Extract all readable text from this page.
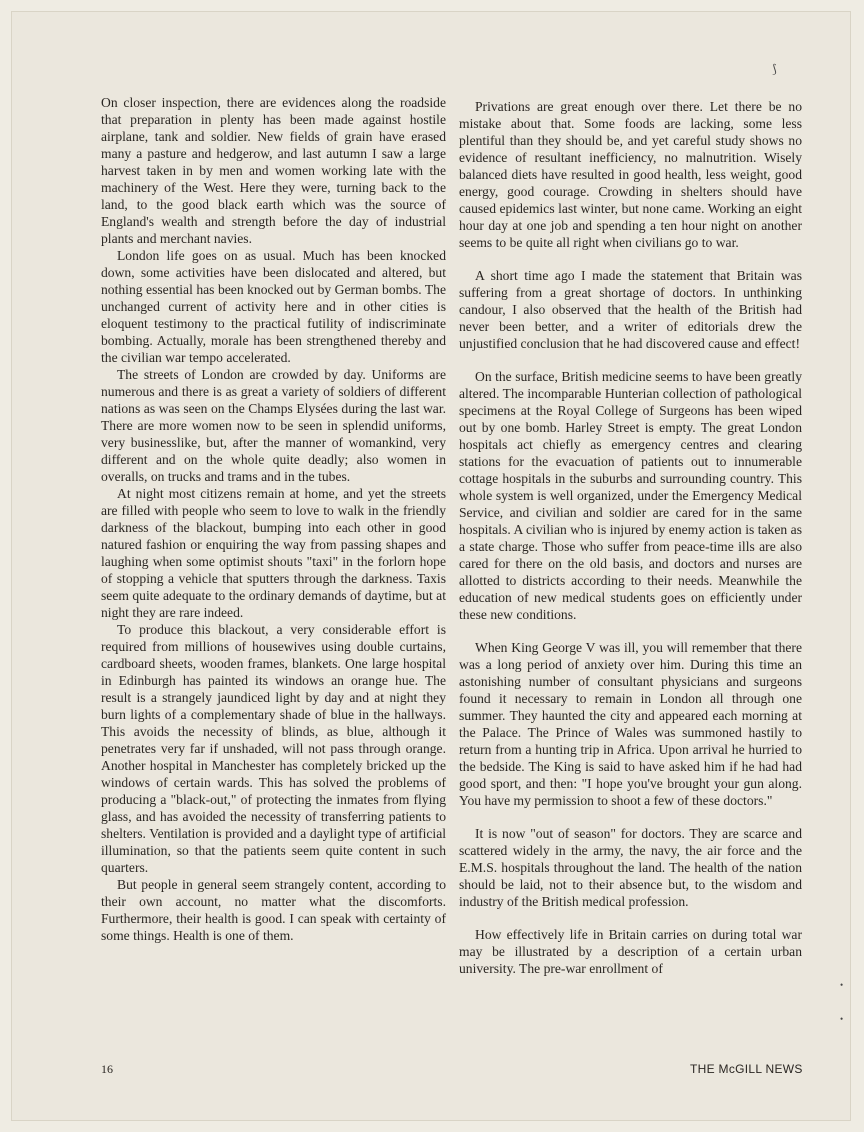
On closer inspection, there are evidences along the roadside that preparation in plenty has been made against hostile airplane, tank and soldier. New fields of grain have erased many a pasture and hedgerow, and last autumn I saw a large harvest taken in by men and women working late with the machinery of the West. Here they were, turning back to the land, to the good black earth which was the source of England's wealth and strength before the day of industrial plants and merchant navies.

London life goes on as usual. Much has been knocked down, some activities have been dislocated and altered, but nothing essential has been knocked out by German bombs. The unchanged current of activity here and in other cities is eloquent testimony to the practical futility of indiscriminate bombing. Actually, morale has been strengthened thereby and the civilian war tempo accelerated.

The streets of London are crowded by day. Uniforms are numerous and there is as great a variety of soldiers of different nations as was seen on the Champs Elysées during the last war. There are more women now to be seen in splendid uniforms, very businesslike, but, after the manner of womankind, very different and on the whole quite deadly; also women in overalls, on trucks and trams and in the tubes.

At night most citizens remain at home, and yet the streets are filled with people who seem to love to walk in the friendly darkness of the blackout, bumping into each other in good natured fashion or enquiring the way from passing shapes and laughing when some optimist shouts "taxi" in the forlorn hope of stopping a vehicle that sputters through the darkness. Taxis seem quite adequate to the ordinary demands of daytime, but at night they are rare indeed.

To produce this blackout, a very considerable effort is required from millions of housewives using double curtains, cardboard sheets, wooden frames, blankets. One large hospital in Edinburgh has painted its windows an orange hue. The result is a strangely jaundiced light by day and at night they burn lights of a complementary shade of blue in the hallways. This avoids the necessity of blinds, as blue, although it penetrates very far if unshaded, will not pass through orange. Another hospital in Manchester has completely bricked up the windows of certain wards. This has solved the problems of producing a "black-out," of protecting the inmates from flying glass, and has avoided the necessity of transferring patients to shelters. Ventilation is provided and a daylight type of artificial illumination, so that the patients seem quite content in such quarters.

But people in general seem strangely content, according to their own account, no matter what the discomforts. Furthermore, their health is good. I can speak with certainty of some things. Health is one of them.

Privations are great enough over there. Let there be no mistake about that. Some foods are lacking, some less plentiful than they should be, and yet careful study shows no evidence of resultant inefficiency, no malnutrition. Wisely balanced diets have resulted in good health, less weight, good energy, good courage. Crowding in shelters should have caused epidemics last winter, but none came. Working an eight hour day at one job and spending a ten hour night on another seems to be quite all right when civilians go to war.

A short time ago I made the statement that Britain was suffering from a great shortage of doctors. In unthinking candour, I also observed that the health of the British had never been better, and a writer of editorials drew the unjustified conclusion that he had discovered cause and effect!

On the surface, British medicine seems to have been greatly altered. The incomparable Hunterian collection of pathological specimens at the Royal College of Surgeons has been wiped out by one bomb. Harley Street is empty. The great London hospitals act chiefly as emergency centres and clearing stations for the evacuation of patients out to innumerable cottage hospitals in the suburbs and surrounding country. This whole system is well organized, under the Emergency Medical Service, and civilian and soldier are cared for in the same hospitals. A civilian who is injured by enemy action is taken as a state charge. Those who suffer from peace-time ills are also cared for there on the old basis, and doctors and nurses are allotted to districts according to their needs. Meanwhile the education of new medical students goes on efficiently under these new conditions.

When King George V was ill, you will remember that there was a long period of anxiety over him. During this time an astonishing number of consultant physicians and surgeons found it necessary to remain in London all through one summer. They haunted the city and appeared each morning at the Palace. The Prince of Wales was summoned hastily to return from a hunting trip in Africa. Upon arrival he hurried to the bedside. The King is said to have asked him if he had had good sport, and then: "I hope you've brought your gun along. You have my permission to shoot a few of these doctors."

It is now "out of season" for doctors. They are scarce and scattered widely in the army, the navy, the air force and the E.M.S. hospitals throughout the land. The health of the nation should be laid, not to their absence but, to the wisdom and industry of the British medical profession.

How effectively life in Britain carries on during total war may be illustrated by a description of a certain urban university. The pre-war enrollment of

16	THE McGILL NEWS
⟆
•
•
